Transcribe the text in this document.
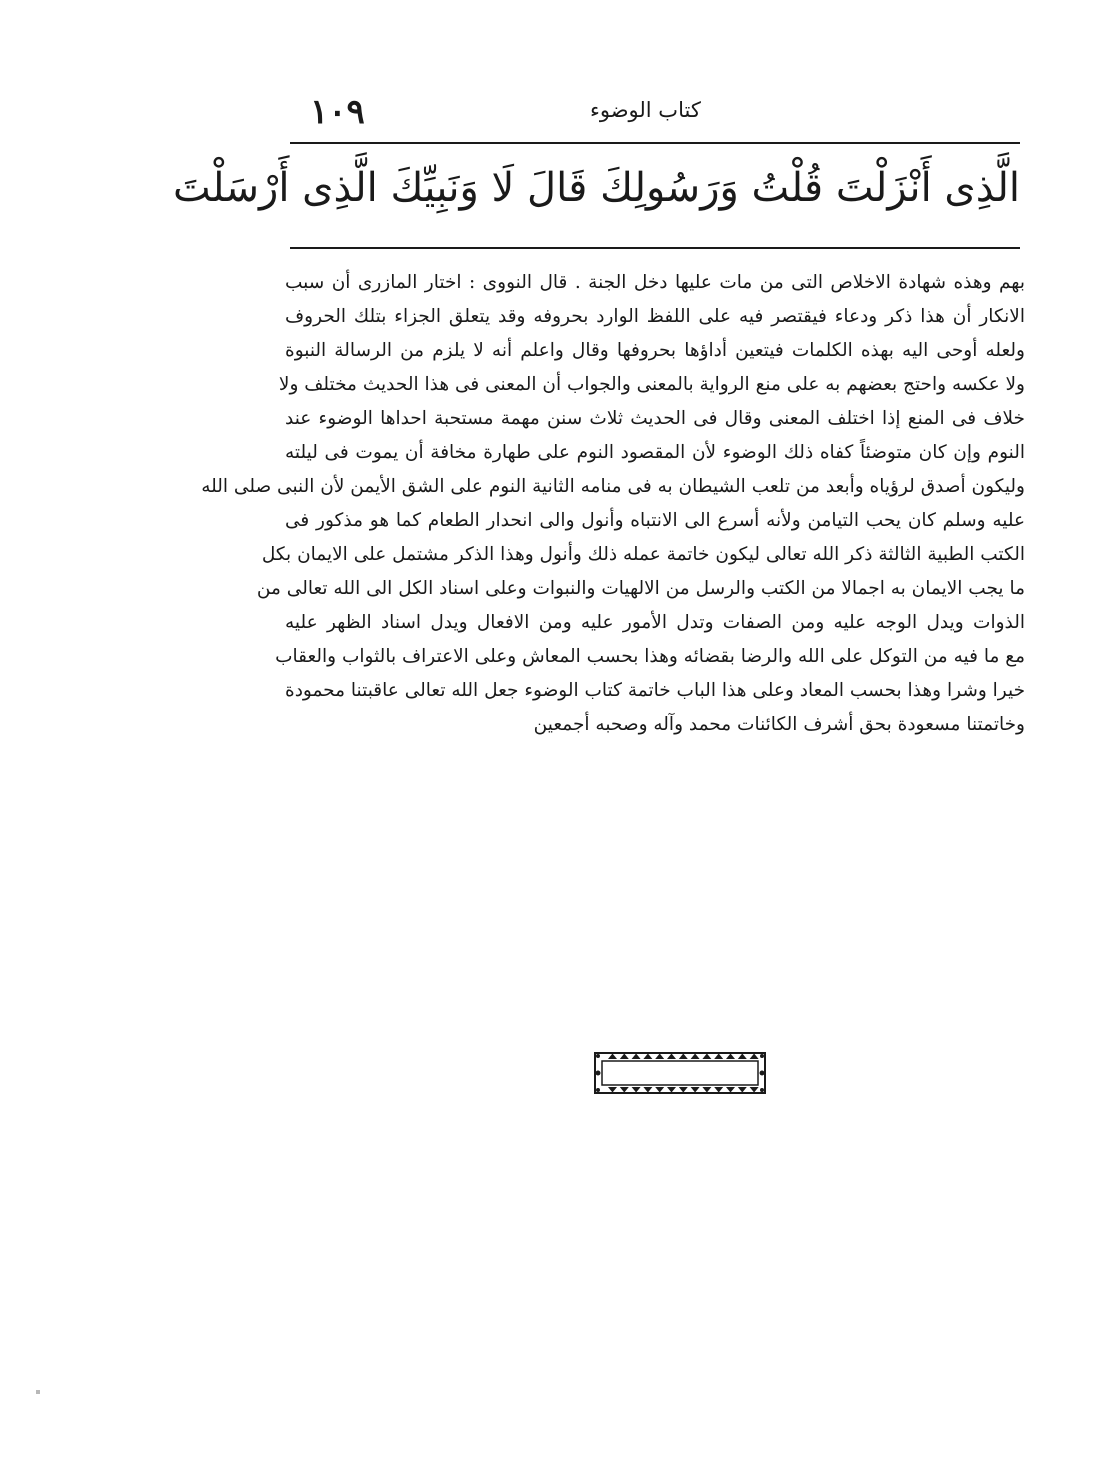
١٠٩	كتاب الوضوء
الَّذِى أَنْزَلْتَ قُلْتُ وَرَسُولِكَ قَالَ لَا وَنَبِيِّكَ الَّذِى أَرْسَلْتَ
بهم وهذه شهادة الاخلاص التى من مات عليها دخل الجنة . قال النووى : اختار المازرى أن سبب
الانكار أن هذا ذكر ودعاء فيقتصر فيه على اللفظ الوارد بحروفه وقد يتعلق الجزاء بتلك الحروف
ولعله أوحى اليه بهذه الكلمات فيتعين أداؤها بحروفها وقال واعلم أنه لا يلزم من الرسالة النبوة
ولا عكسه واحتج بعضهم به على منع الرواية بالمعنى والجواب أن المعنى فى هذا الحديث مختلف ولا
خلاف فى المنع إذا اختلف المعنى وقال فى الحديث ثلاث سنن مهمة مستحبة احداها الوضوء عند
النوم وإن كان متوضئاً كفاه ذلك الوضوء لأن المقصود النوم على طهارة مخافة أن يموت فى ليلته
وليكون أصدق لرؤياه وأبعد من تلعب الشيطان به فى منامه الثانية النوم على الشق الأيمن لأن النبى صلى الله
عليه وسلم كان يحب التيامن ولأنه أسرع الى الانتباه وأنول والى انحدار الطعام كما هو مذكور فى
الكتب الطبية الثالثة ذكر الله تعالى ليكون خاتمة عمله ذلك وأنول وهذا الذكر مشتمل على الايمان بكل
ما يجب الايمان به اجمالا من الكتب والرسل من الالهيات والنبوات وعلى اسناد الكل الى الله تعالى من
الذوات ويدل الوجه عليه ومن الصفات وتدل الأمور عليه ومن الافعال ويدل اسناد الظهر عليه
مع ما فيه من التوكل على الله والرضا بقضائه وهذا بحسب المعاش وعلى الاعتراف بالثواب والعقاب
خيرا وشرا وهذا بحسب المعاد وعلى هذا الباب خاتمة كتاب الوضوء جعل الله تعالى عاقبتنا محمودة
وخاتمتنا مسعودة بحق أشرف الكائنات محمد وآله وصحبه أجمعين
